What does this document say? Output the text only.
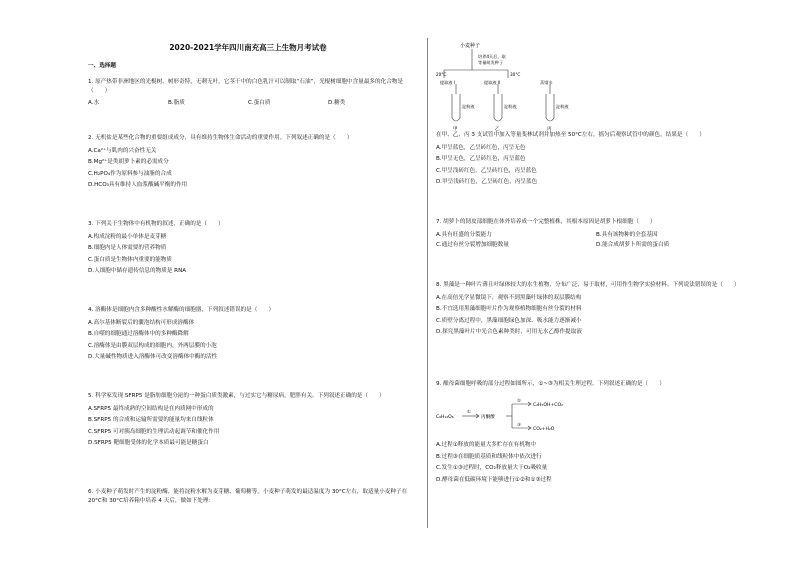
2020-2021学年四川南充高三上生物月考试卷
一、选择题
1. 原产热带非洲地区的光棍树，树形奇特，无刺无叶，它茎干中的白色乳汁可以制取“石油”，光棍树细胞中含量最多的化合物是（　　）
A.水	B.脂质	C.蛋白质	D.糖类
2. 无机盐是某些化合物的重要组成成分，具有维持生物体生命活动的重要作用。下列叙述正确的是（　　）
A.Ca²⁺与肌肉的兴奋性无关
B.Mg²⁺是类胡萝卜素的必需成分
C.H₂PO₄作为原料参与油脂的合成
D.HCO₃具有维持人血浆酸碱平衡的作用
3. 下列关于生物体中有机物的叙述，正确的是（　　）
A.构成淀粉的最小单体是麦芽糖
B.细胞内是人体需要的营养物质
C.蛋白质是生物体内重要的能物质
D.人细胞中储存遗传信息的物质是 RNA
4. 溶酶体是细胞内含多种酸性水解酶的细胞器，下列叙述错误的是（　　）
A.高尔基体断裂后的囊泡结构可形成溶酶体
B.自噬的细胞通过溶酶体中的多种酶降解
C.溶酶体是由膜双层构成的细胞内，外两层膜的小泡
D.大量碱性物质进入溶酶体可改变溶酶体中酶的活性
5. 科学家发现 SFRP5 是脂肪细胞分泌的一种蛋白质类激素，与过实它与糖尿病，肥胖有关。下列叙述正确的是（　　）
A.SFRP5 最终成熟的空间结构是在内质网中形成的
B.SFRP5 的合成和运输所需要的能量均来自线粒体
C.SFRP5 可对胰岛细胞的生理活动起调节和催化作用
D.SFRP5 靶细胞受体的化学本质最可能是糖蛋白
6. 小麦种子萌发时产生的淀粉酶，能将淀粉水解为麦芽糖、葡萄糖等。小麦种子萌发的最适温度为 30°C左右，取适量小麦种子在 20°C和 30°C培养箱中培养 4 天后，做如下处理：
小麦种子
培养4天后，取
等量萌发种子
20°C	30°C
提取液 I	提取液 II	蒸馏水
淀粉液	淀粉液	淀粉液
甲	乙	丙
在甲、乙、丙 3 支试管中加入等量斐林试剂并加热至 50°C左右，摇匀后观察试管中的颜色，结果是（　　）
A.甲呈蓝色，乙呈砖红色，丙呈无色
B.甲呈无色，乙呈砖红色，丙呈蓝色
C.甲呈浅砖红色，乙呈砖红色，丙呈蓝色
D.甲呈浅砖红色，乙呈砖红色，丙呈蓝色
7. 胡萝卜的韧皮部细胞在体外培养成一个完整植株，其根本原因是胡萝卜根细胞（　　）
A.具有旺盛的分裂能力	B.具有该物种的全套基因
C.通过有丝分裂增加细胞数量	D.能合成胡萝卜所需的蛋白质
8. 黑藻是一种叶片薄且叶绿体较大的水生植物，分布广泛、易于取材，可用作生物学实验材料。下列说法错误的是（　　）
A.在高倍光学显微镜下，观察不到黑藻叶绿体的双层膜结构
B.不宜选用黑藻细胞叶片作为观察植物细胞有丝分裂的材料
C.质壁分离过程中，黑藻细胞绿色加深、吸水能力逐渐减小
D.探究黑藻叶片中光合色素种类时，可用无水乙醇作提取液
9. 酿母菌细胞呼吸的部分过程如图所示，①~③为相关生理过程。下列叙述正确的是（　　）
C₆H₁₂O₆
①
丙酮酸
②
③
C₂H₅OH+CO₂
CO₂+H₂O
A.过程①释放的能量大多贮存在有机物中
B.过程③在细胞质基质和线粒体中依次进行
C.发生①③过程时，CO₂释放量大于O₂吸收量
D.酵母菌在低碳环境下能够进行①②和①③过程
